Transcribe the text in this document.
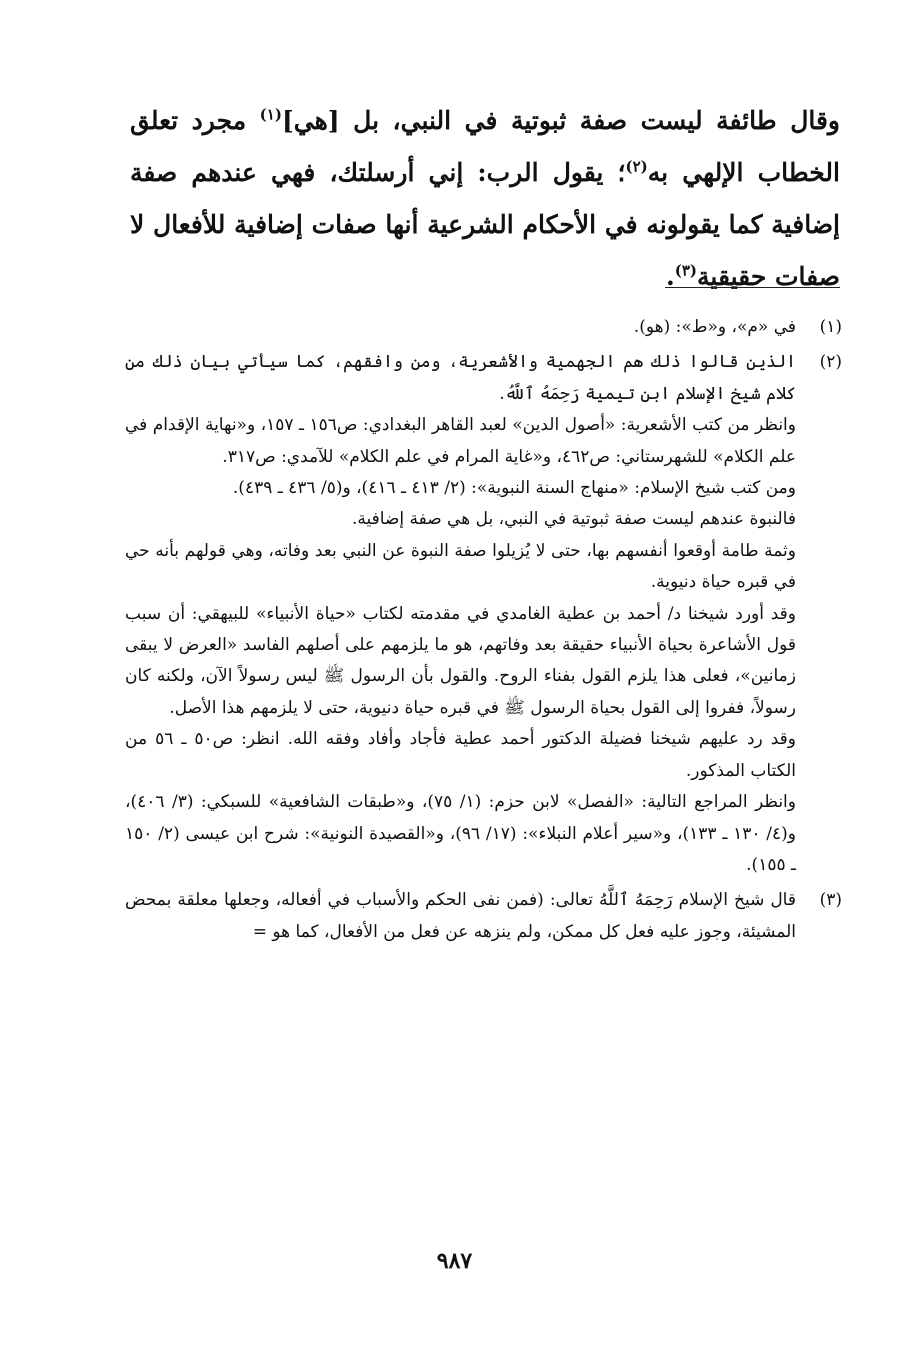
وقال طائفة ليست صفة ثبوتية في النبي، بل [هي]$^{(١)}$ مجرد تعلق الخطاب الإلهي به$^{(٢)}$؛ يقول الرب: إني أرسلتك، فهي عندهم صفة إضافية كما يقولونه في الأحكام الشرعية أنها صفات إضافية للأفعال لا صفات حقيقية$^{(٣)}$.

(١)

في «م»، و«ط»: (هو).

(٢)

الذين قالوا ذلك هم الجهمية والأشعرية، ومن وافقهم، كما سيأتي بيان ذلك من كلام شيخ الإسلام ابن تيمية رَحِمَهُ ٱللَّهُ.

وانظر من كتب الأشعرية: «أصول الدين» لعبد القاهر البغدادي: ص١٥٦ ـ ١٥٧، و«نهاية الإقدام في علم الكلام» للشهرستاني: ص٤٦٢، و«غاية المرام في علم الكلام» للآمدي: ص٣١٧.

ومن كتب شيخ الإسلام: «منهاج السنة النبوية»: (٢/ ٤١٣ ـ ٤١٦)، و(٥/ ٤٣٦ ـ ٤٣٩).

فالنبوة عندهم ليست صفة ثبوتية في النبي، بل هي صفة إضافية.

وثمة طامة أوقعوا أنفسهم بها، حتى لا يُزيلوا صفة النبوة عن النبي بعد وفاته، وهي قولهم بأنه حي في قبره حياة دنيوية.

وقد أورد شيخنا د/ أحمد بن عطية الغامدي في مقدمته لكتاب «حياة الأنبياء» للبيهقي: أن سبب قول الأشاعرة بحياة الأنبياء حقيقة بعد وفاتهم، هو ما يلزمهم على أصلهم الفاسد «العرض لا يبقى زمانين»، فعلى هذا يلزم القول بفناء الروح. والقول بأن الرسول ﷺ ليس رسولاً الآن، ولكنه كان رسولاً، ففروا إلى القول بحياة الرسول ﷺ في قبره حياة دنيوية، حتى لا يلزمهم هذا الأصل.

وقد رد عليهم شيخنا فضيلة الدكتور أحمد عطية فأجاد وأفاد وفقه الله. انظر: ص٥٠ ـ ٥٦ من الكتاب المذكور.

وانظر المراجع التالية: «الفصل» لابن حزم: (١/ ٧٥)، و«طبقات الشافعية» للسبكي: (٣/ ٤٠٦)، و(٤/ ١٣٠ ـ ١٣٣)، و«سير أعلام النبلاء»: (١٧/ ٩٦)، و«القصيدة النونية»: شرح ابن عيسى (٢/ ١٥٠ ـ ١٥٥).

(٣)

قال شيخ الإسلام رَحِمَهُ ٱللَّهُ تعالى: (فمن نفى الحكم والأسباب في أفعاله، وجعلها معلقة بمحض المشيئة، وجوز عليه فعل كل ممكن، ولم ينزهه عن فعل من الأفعال، كما هو =

٩٨٧
